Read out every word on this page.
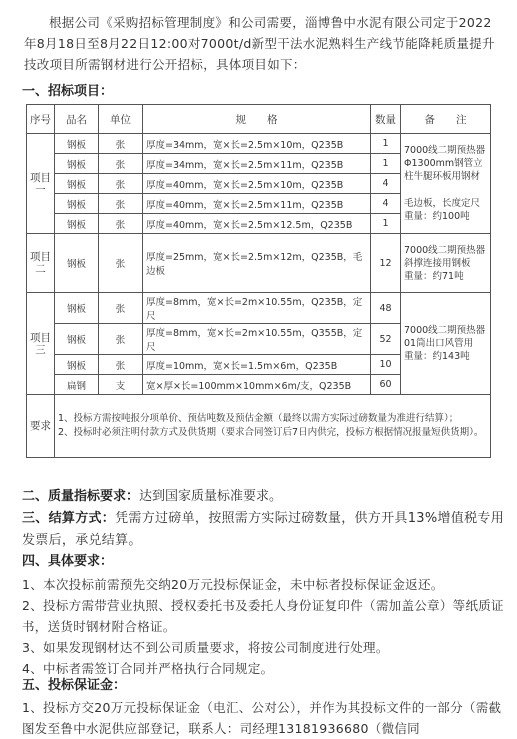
根据公司《采购招标管理制度》和公司需要，淄博鲁中水泥有限公司定于2022年8月18日至8月22日12:00对7000t/d新型干法水泥熟料生产线节能降耗质量提升技改项目所需钢材进行公开招标，具体项目如下：
一、招标项目：
序号	品名	单位	规　　格	数量	备　　注
项目一	钢板	张	厚度=34mm，宽×长=2.5m×10m，Q235B	1	7000线二期预热器Φ1300mm钢管立柱牛腿环板用钢材
毛边板，长度定尺
重量：约100吨

	钢板	张	厚度=34mm，宽×长=2.5m×11m，Q235B	1	
	钢板	张	厚度=40mm，宽×长=2.5m×10m，Q235B	4	
	钢板	张	厚度=40mm，宽×长=2.5m×11m，Q235B	4	
	钢板	张	厚度=40mm，宽×长=2.5m×12.5m，Q235B	1	
项目二	钢板	张	厚度=25mm，宽×长=2.5m×12m，Q235B，毛边板	12	7000线二期预热器斜撑连接用钢板
重量：约71吨

项目三	钢板	张	厚度=8mm，宽×长=2m×10.55m，Q235B，定尺	48	7000线二期预热器01筒出口风管用
重量：约143吨

	钢板	张	厚度=8mm，宽×长=2m×10.55m，Q355B，定尺	52	
	钢板	张	厚度=10mm，宽×长=1.5m×6m，Q235B	10	
	扁钢	支	宽×厚×长=100mm×10mm×6m/支，Q235B	60	
要求	1、投标方需按吨报分项单价、预估吨数及预估金额（最终以需方实际过磅数量为准进行结算）；
2、投标时必须注明付款方式及供货期（要求合同签订后7日内供完，投标方根据情况报量短供货期）。				
二、质量指标要求：达到国家质量标准要求。
三、结算方式：凭需方过磅单，按照需方实际过磅数量，供方开具13%增值税专用发票后，承兑结算。
四、具体要求：
1、本次投标前需预先交纳20万元投标保证金，未中标者投标保证金返还。
2、投标方需带营业执照、授权委托书及委托人身份证复印件（需加盖公章）等纸质证书，送货时钢材附合格证。
3、如果发现钢材达不到公司质量要求，将按公司制度进行处理。
4、中标者需签订合同并严格执行合同规定。
五、投标保证金：
1、投标方交20万元投标保证金（电汇、公对公），并作为其投标文件的一部分（需截图发至鲁中水泥供应部登记，联系人：司经理13181936680（微信同
